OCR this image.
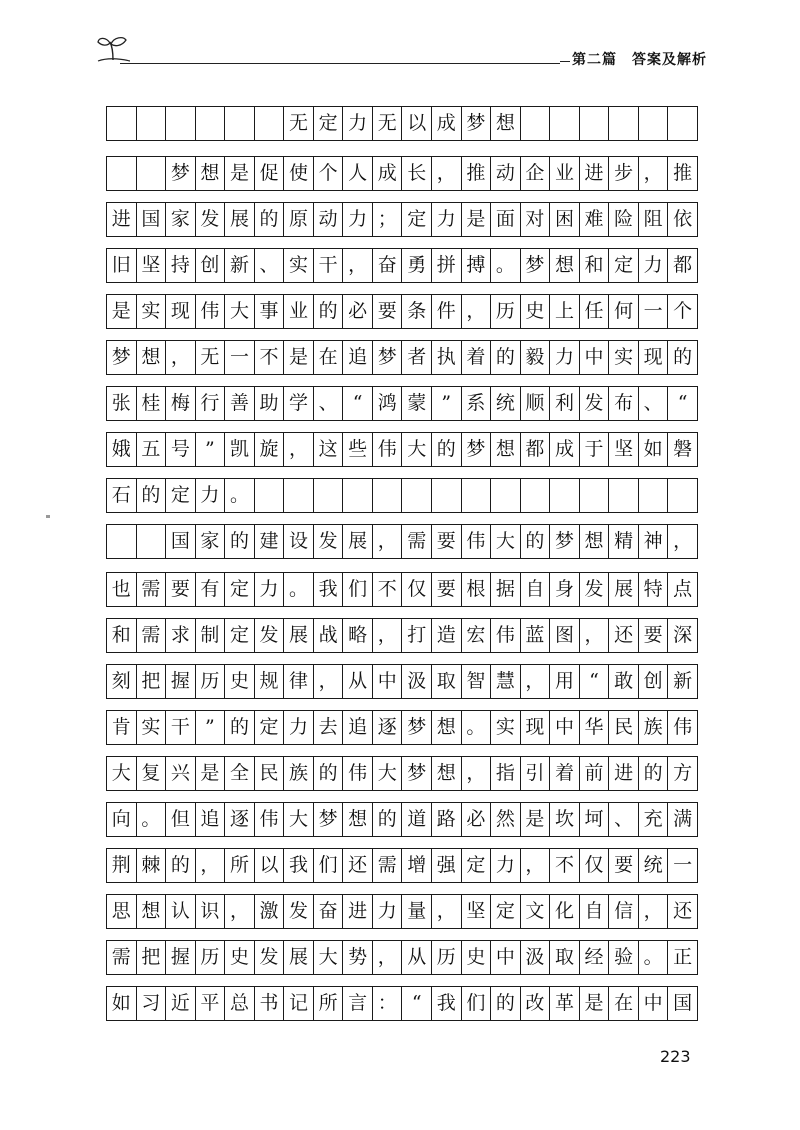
第二篇　答案及解析
无 定 力 无 以 成 梦 想
梦 想 是 促 使 个 人 成 长 ， 推 动 企 业 进 步 ， 推
进 国 家 发 展 的 原 动 力 ； 定 力 是 面 对 困 难 险 阻 依
旧 坚 持 创 新 、 实 干 ， 奋 勇 拼 搏 。 梦 想 和 定 力 都
是 实 现 伟 大 事 业 的 必 要 条 件 ， 历 史 上 任 何 一 个
梦 想 ， 无 一 不 是 在 追 梦 者 执 着 的 毅 力 中 实 现 的
张 桂 梅 行 善 助 学 、 “ 鸿 蒙 ” 系 统 顺 利 发 布 、 “
娥 五 号 ” 凯 旋 ， 这 些 伟 大 的 梦 想 都 成 于 坚 如 磐
石 的 定 力 。
国 家 的 建 设 发 展 ， 需 要 伟 大 的 梦 想 精 神 ，
也 需 要 有 定 力 。 我 们 不 仅 要 根 据 自 身 发 展 特 点
和 需 求 制 定 发 展 战 略 ， 打 造 宏 伟 蓝 图 ， 还 要 深
刻 把 握 历 史 规 律 ， 从 中 汲 取 智 慧 ， 用 “ 敢 创 新
肯 实 干 ” 的 定 力 去 追 逐 梦 想 。 实 现 中 华 民 族 伟
大 复 兴 是 全 民 族 的 伟 大 梦 想 ， 指 引 着 前 进 的 方
向 。 但 追 逐 伟 大 梦 想 的 道 路 必 然 是 坎 坷 、 充 满
荆 棘 的 ， 所 以 我 们 还 需 增 强 定 力 ， 不 仅 要 统 一
思 想 认 识 ， 激 发 奋 进 力 量 ， 坚 定 文 化 自 信 ， 还
需 把 握 历 史 发 展 大 势 ， 从 历 史 中 汲 取 经 验 。 正
如 习 近 平 总 书 记 所 言 ： “ 我 们 的 改 革 是 在 中 国
223
